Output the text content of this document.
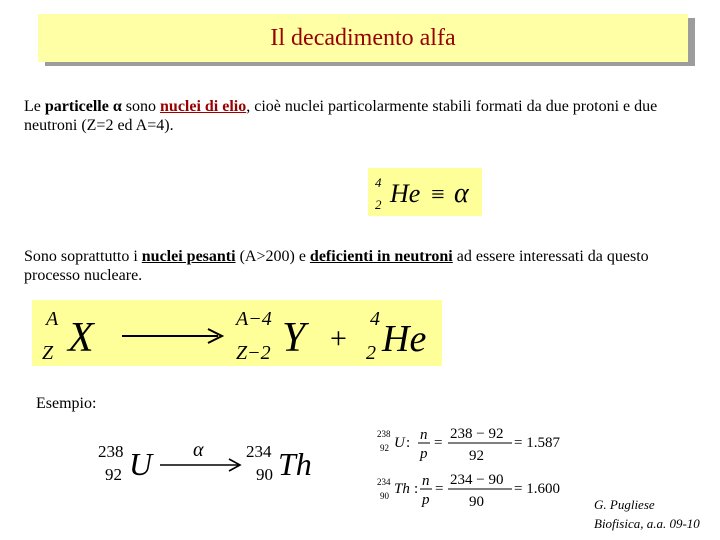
Il decadimento alfa
Le particelle α sono nuclei di elio, cioè nuclei particolarmente stabili formati da due protoni e due neutroni (Z=2 ed A=4).
4
2 He ≡ α
Sono soprattutto i nuclei pesanti (A>200) e deficienti in neutroni ad essere interessati da questo processo nucleare.
A
Z X	A−4
Z−2 Y +
4
2 He
Esempio:
238
92 U α	234
90 Th
238
92 U : n
p
=
238 − 92
92
= 1.587
234
90 Th : n
p
=
234 − 90
90
= 1.600
G. Pugliese
Biofisica, a.a. 09-10
